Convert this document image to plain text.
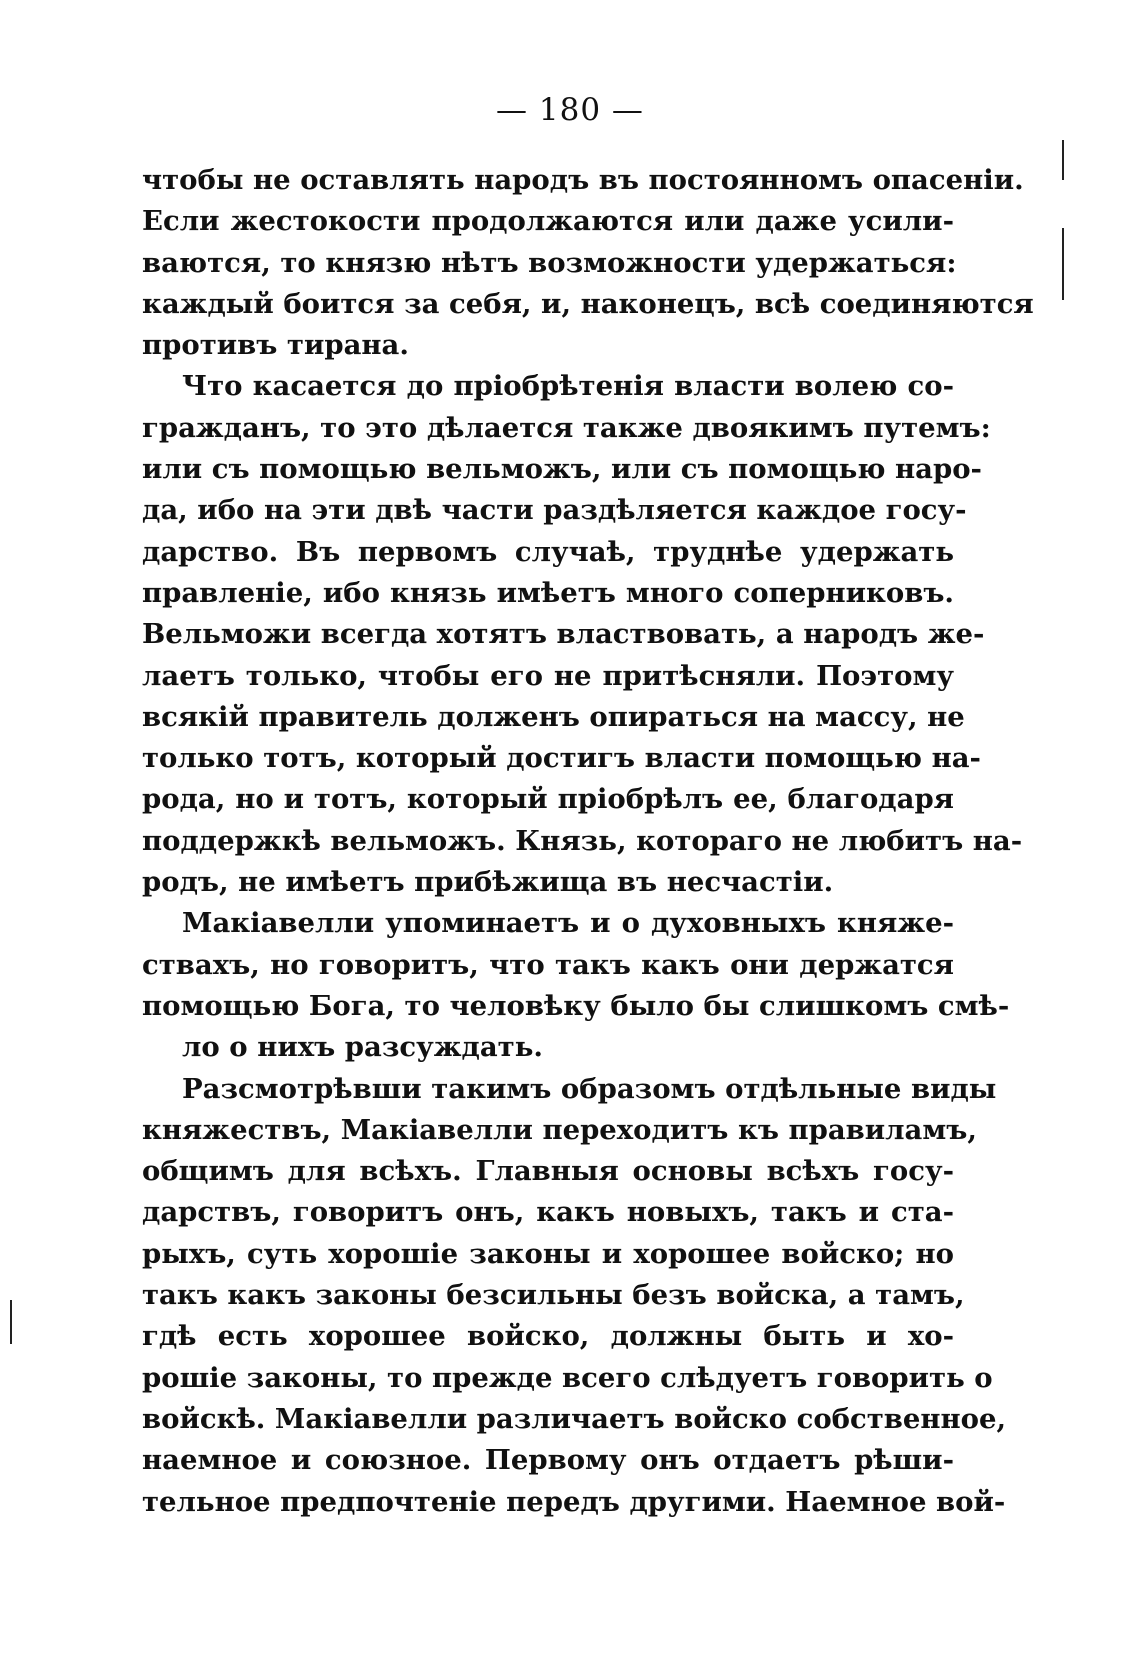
— 180 —
чтобы не оставлять народъ въ постоянномъ опасеніи.
Если жестокости продолжаются или даже усили-
ваются, то князю нѣтъ возможности удержаться:
каждый боится за себя, и, наконецъ, всѣ соединяются
противъ тирана.
Что касается до пріобрѣтенія власти волею со-
гражданъ, то это дѣлается также двоякимъ путемъ:
или съ помощью вельможъ, или съ помощью наро-
да, ибо на эти двѣ части раздѣляется каждое госу-
дарство. Въ первомъ случаѣ, труднѣе удержать
правленіе, ибо князь имѣетъ много соперниковъ.
Вельможи всегда хотятъ властвовать, а народъ же-
лаетъ только, чтобы его не притѣсняли. Поэтому
всякій правитель долженъ опираться на массу, не
только тотъ, который достигъ власти помощью на-
рода, но и тотъ, который пріобрѣлъ ее, благодаря
поддержкѣ вельможъ. Князь, котораго не любитъ на-
родъ, не имѣетъ прибѣжища въ несчастіи.
Макіавелли упоминаетъ и о духовныхъ княже-
ствахъ, но говоритъ, что такъ какъ они держатся
помощью Бога, то человѣку было бы слишкомъ смѣ-
ло о нихъ разсуждать.
Разсмотрѣвши такимъ образомъ отдѣльные виды
княжествъ, Макіавелли переходитъ къ правиламъ,
общимъ для всѣхъ. Главныя основы всѣхъ госу-
дарствъ, говоритъ онъ, какъ новыхъ, такъ и ста-
рыхъ, суть хорошіе законы и хорошее войско; но
такъ какъ законы безсильны безъ войска, а тамъ,
гдѣ есть хорошее войско, должны быть и хо-
рошіе законы, то прежде всего слѣдуетъ говорить о
войскѣ. Макіавелли различаетъ войско собственное,
наемное и союзное. Первому онъ отдаетъ рѣши-
тельное предпочтеніе передъ другими. Наемное вой-
